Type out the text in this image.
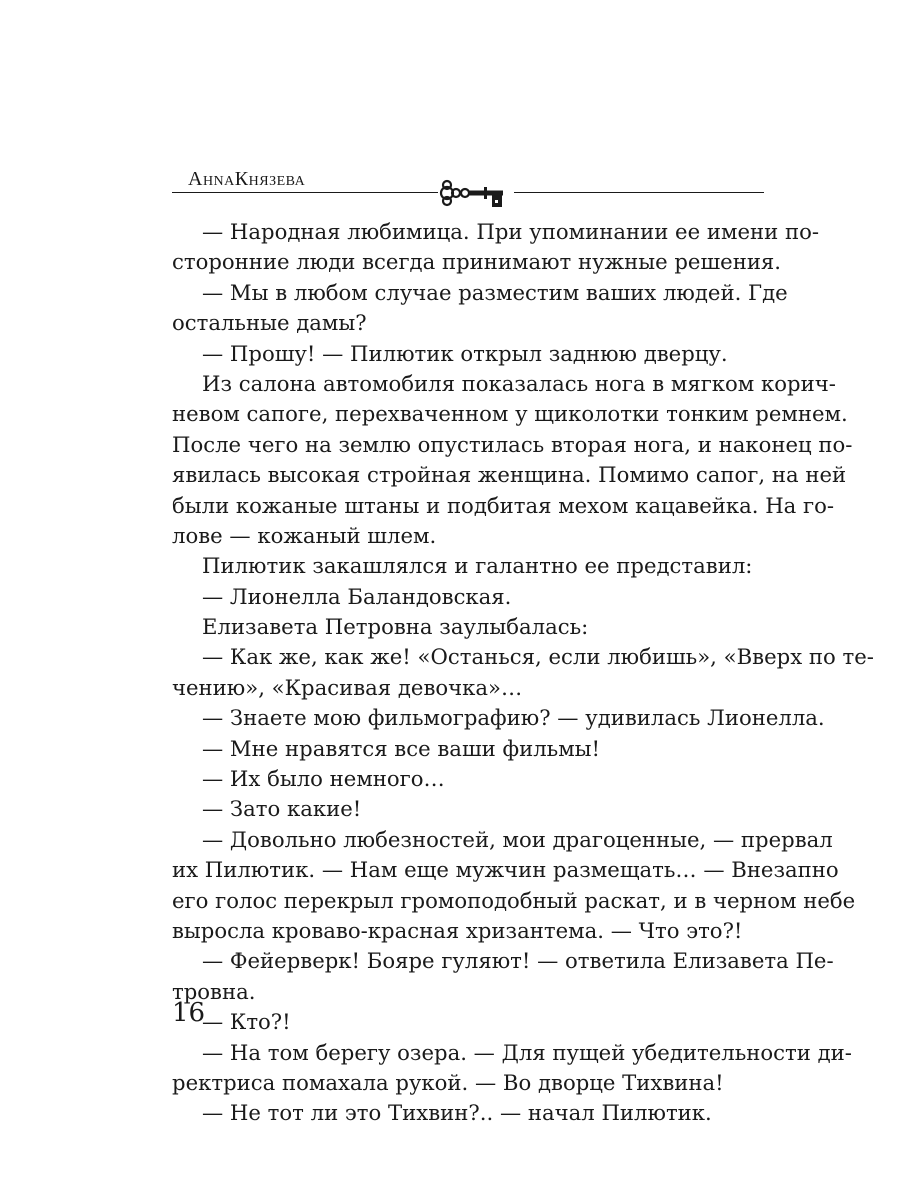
АнnаКнязева
— Народная любимица. При упоминании ее имени по-
сторонние люди всегда принимают нужные решения.
— Мы в любом случае разместим ваших людей. Где
остальные дамы?
— Прошу! — Пилютик открыл заднюю дверцу.
Из салона автомобиля показалась нога в мягком корич-
невом сапоге, перехваченном у щиколотки тонким ремнем.
После чего на землю опустилась вторая нога, и наконец по-
явилась высокая стройная женщина. Помимо сапог, на ней
были кожаные штаны и подбитая мехом кацавейка. На го-
лове — кожаный шлем.
Пилютик закашлялся и галантно ее представил:
— Лионелла Баландовская.
Елизавета Петровна заулыбалась:
— Как же, как же! «Останься, если любишь», «Вверх по те-
чению», «Красивая девочка»…
— Знаете мою фильмографию? — удивилась Лионелла.
— Мне нравятся все ваши фильмы!
— Их было немного…
— Зато какие!
— Довольно любезностей, мои драгоценные, — прервал
их Пилютик. — Нам еще мужчин размещать… — Внезапно
его голос перекрыл громоподобный раскат, и в черном небе
выросла кроваво-красная хризантема. — Что это?!
— Фейерверк! Бояре гуляют! — ответила Елизавета Пе-
тровна.
— Кто?!
— На том берегу озера. — Для пущей убедительности ди-
ректриса помахала рукой. — Во дворце Тихвина!
— Не тот ли это Тихвин?.. — начал Пилютик.
16
